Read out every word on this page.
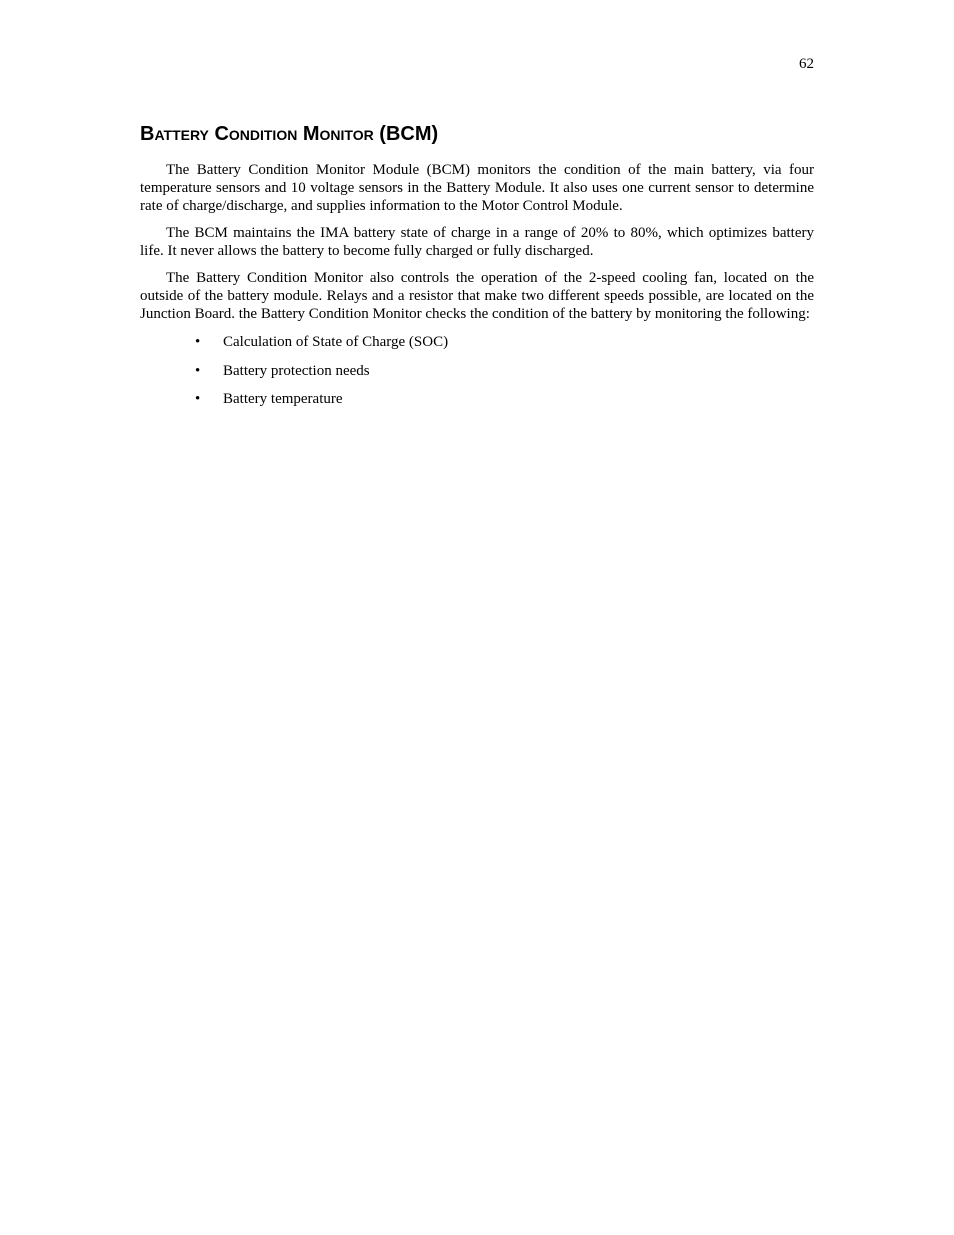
62
Battery Condition Monitor (BCM)

The Battery Condition Monitor Module (BCM) monitors the condition of the main battery, via four temperature sensors and 10 voltage sensors in the Battery Module. It also uses one current sensor to determine rate of charge/discharge, and supplies information to the Motor Control Module.

The BCM maintains the IMA battery state of charge in a range of 20% to 80%, which optimizes battery life. It never allows the battery to become fully charged or fully discharged.

The Battery Condition Monitor also controls the operation of the 2-speed cooling fan, located on the outside of the battery module. Relays and a resistor that make two different speeds possible, are located on the Junction Board. the Battery Condition Monitor checks the condition of the battery by monitoring the following:

•	Calculation of State of Charge (SOC)
•	Battery protection needs
•	Battery temperature
